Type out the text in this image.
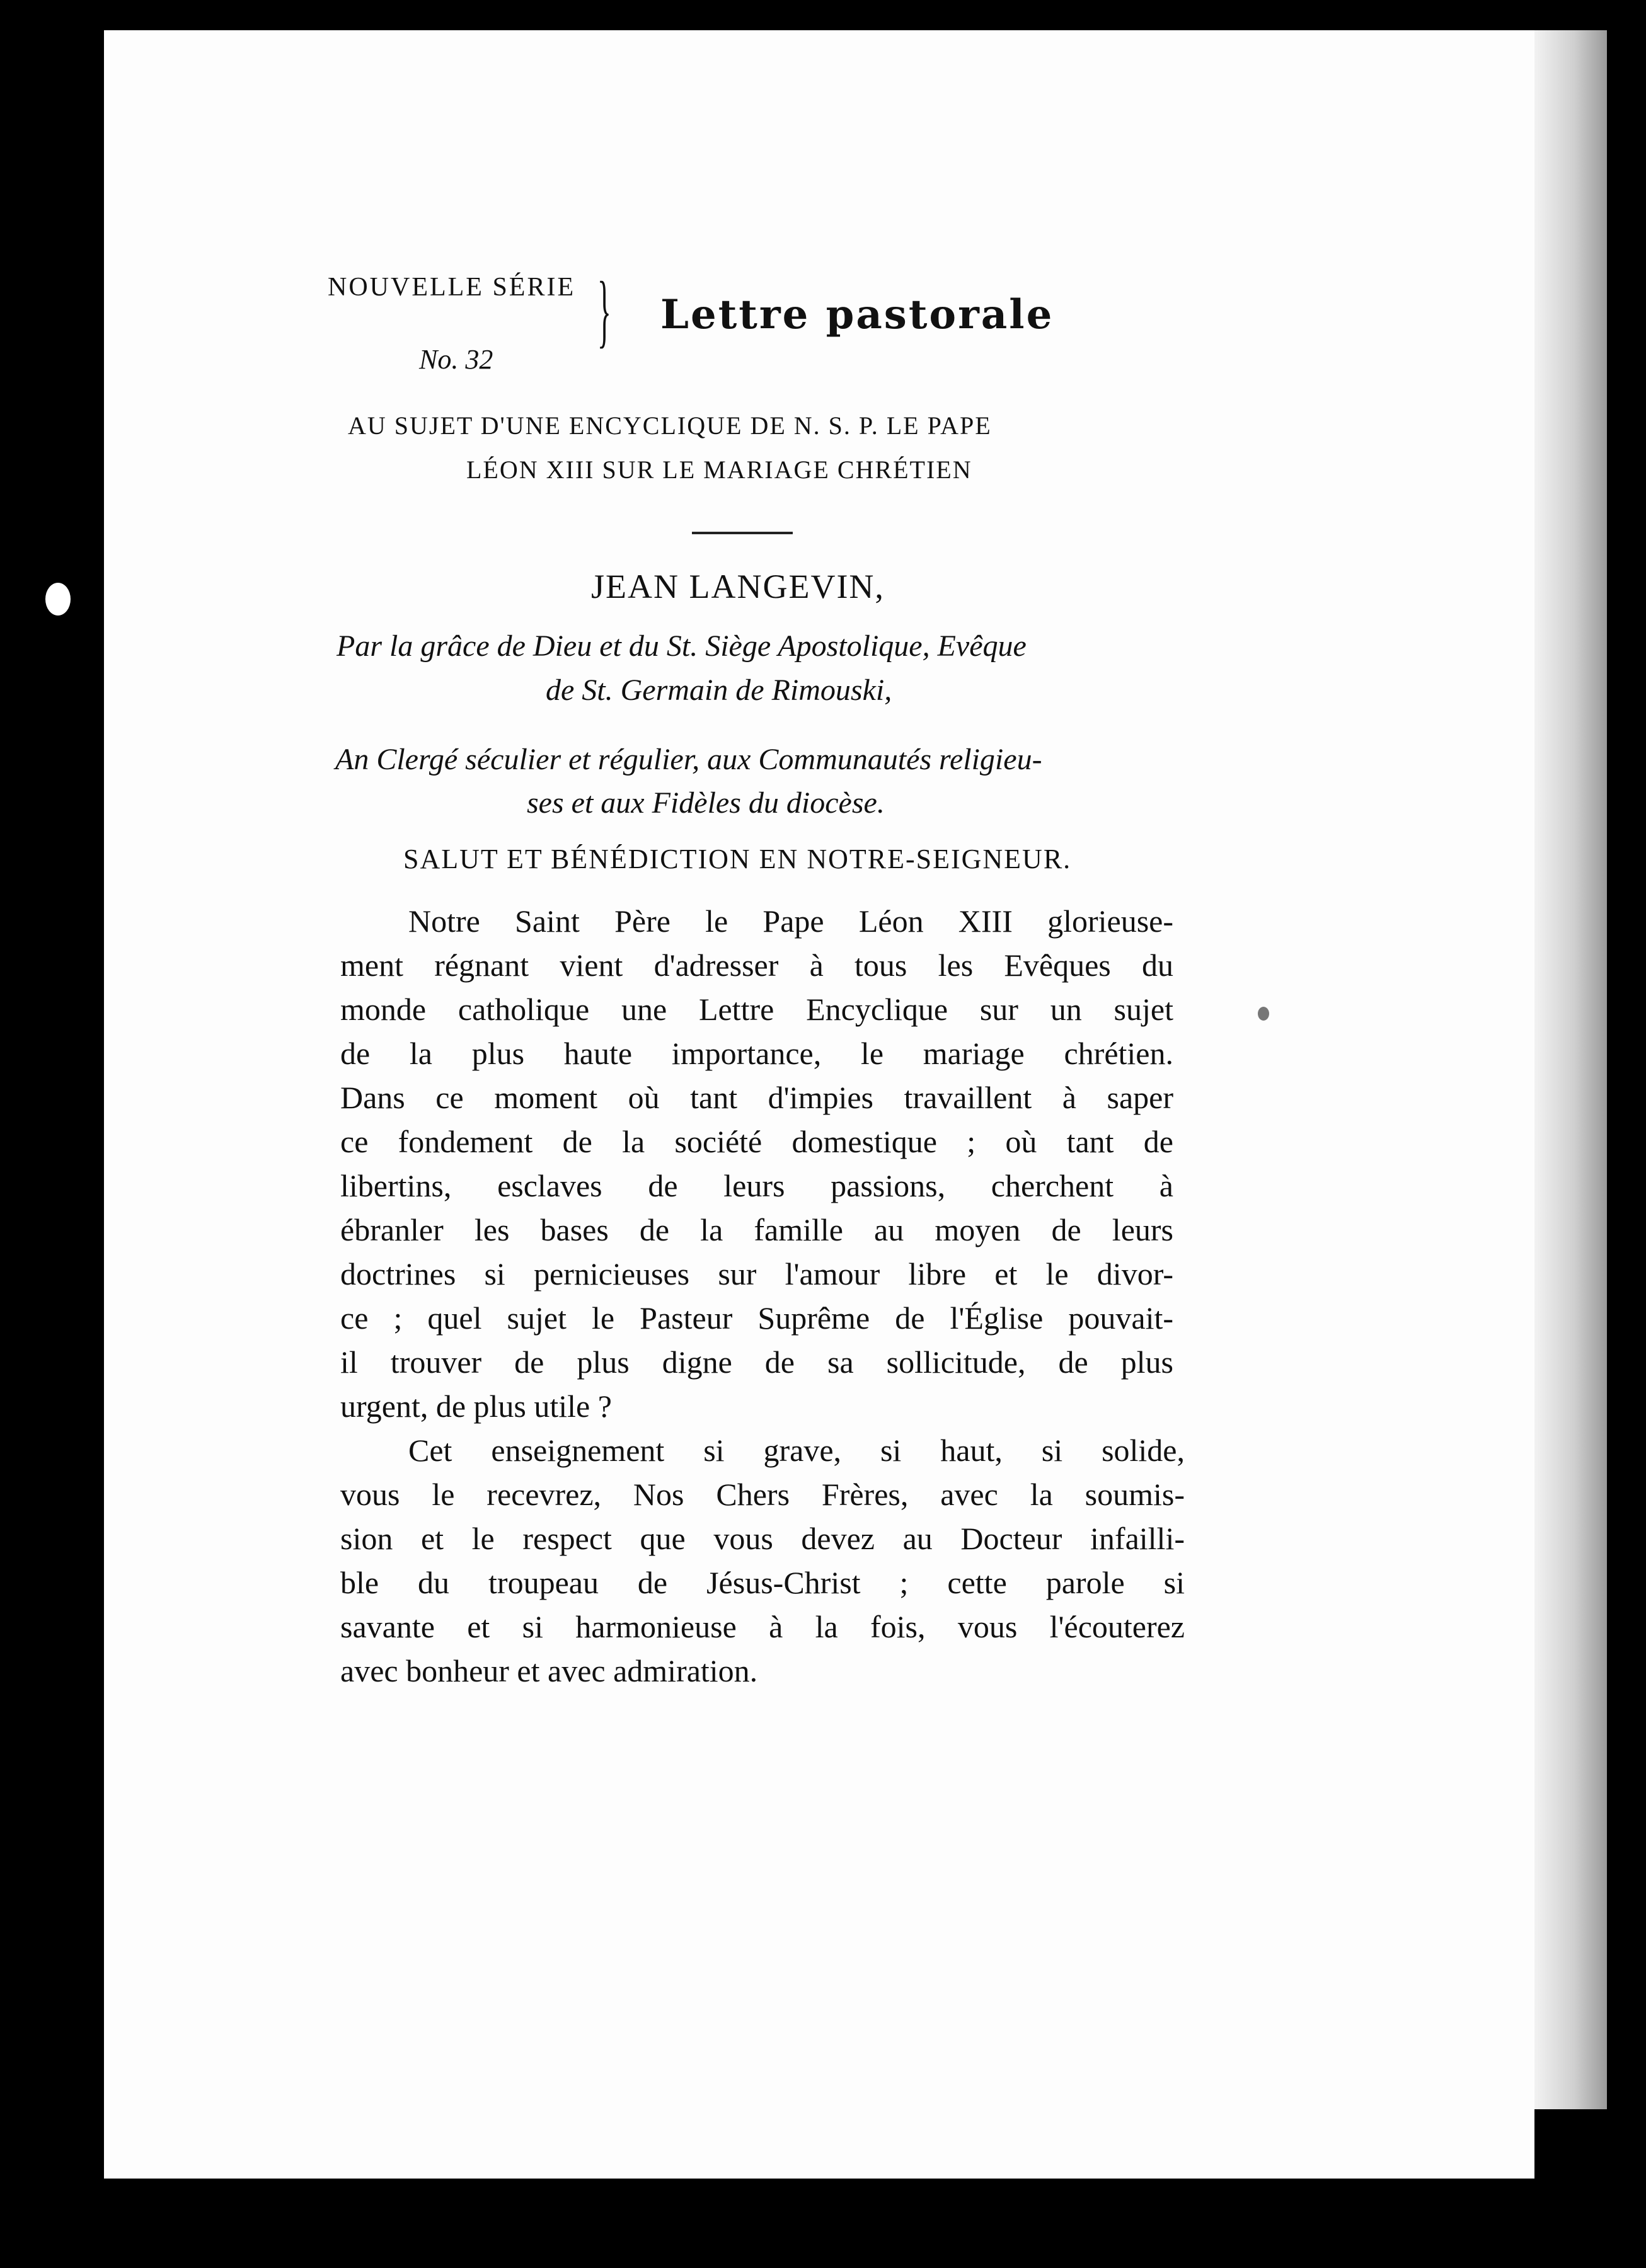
NOUVELLE SÉRIE
No. 32
} Lettre pastorale
AU SUJET D'UNE ENCYCLIQUE DE N. S. P. LE PAPE
LÉON XIII SUR LE MARIAGE CHRÉTIEN
JEAN LANGEVIN,
Par la grâce de Dieu et du St. Siège Apostolique, Evêque
de St. Germain de Rimouski,
An Clergé séculier et régulier, aux Communautés religieu-
ses et aux Fidèles du diocèse.
SALUT ET BÉNÉDICTION EN NOTRE-SEIGNEUR.
Notre Saint Père le Pape Léon XIII glorieuse-
ment régnant vient d'adresser à tous les Evêques du
monde catholique une Lettre Encyclique sur un sujet
de la plus haute importance, le mariage chrétien.
Dans ce moment où tant d'impies travaillent à saper
ce fondement de la société domestique ; où tant de
libertins, esclaves de leurs passions, cherchent à
ébranler les bases de la famille au moyen de leurs
doctrines si pernicieuses sur l'amour libre et le divor-
ce ; quel sujet le Pasteur Suprême de l'Église pouvait-
il trouver de plus digne de sa sollicitude, de plus
urgent, de plus utile ?
Cet enseignement si grave, si haut, si solide,
vous le recevrez, Nos Chers Frères, avec la soumis-
sion et le respect que vous devez au Docteur infailli-
ble du troupeau de Jésus-Christ ; cette parole si
savante et si harmonieuse à la fois, vous l'écouterez
avec bonheur et avec admiration.
